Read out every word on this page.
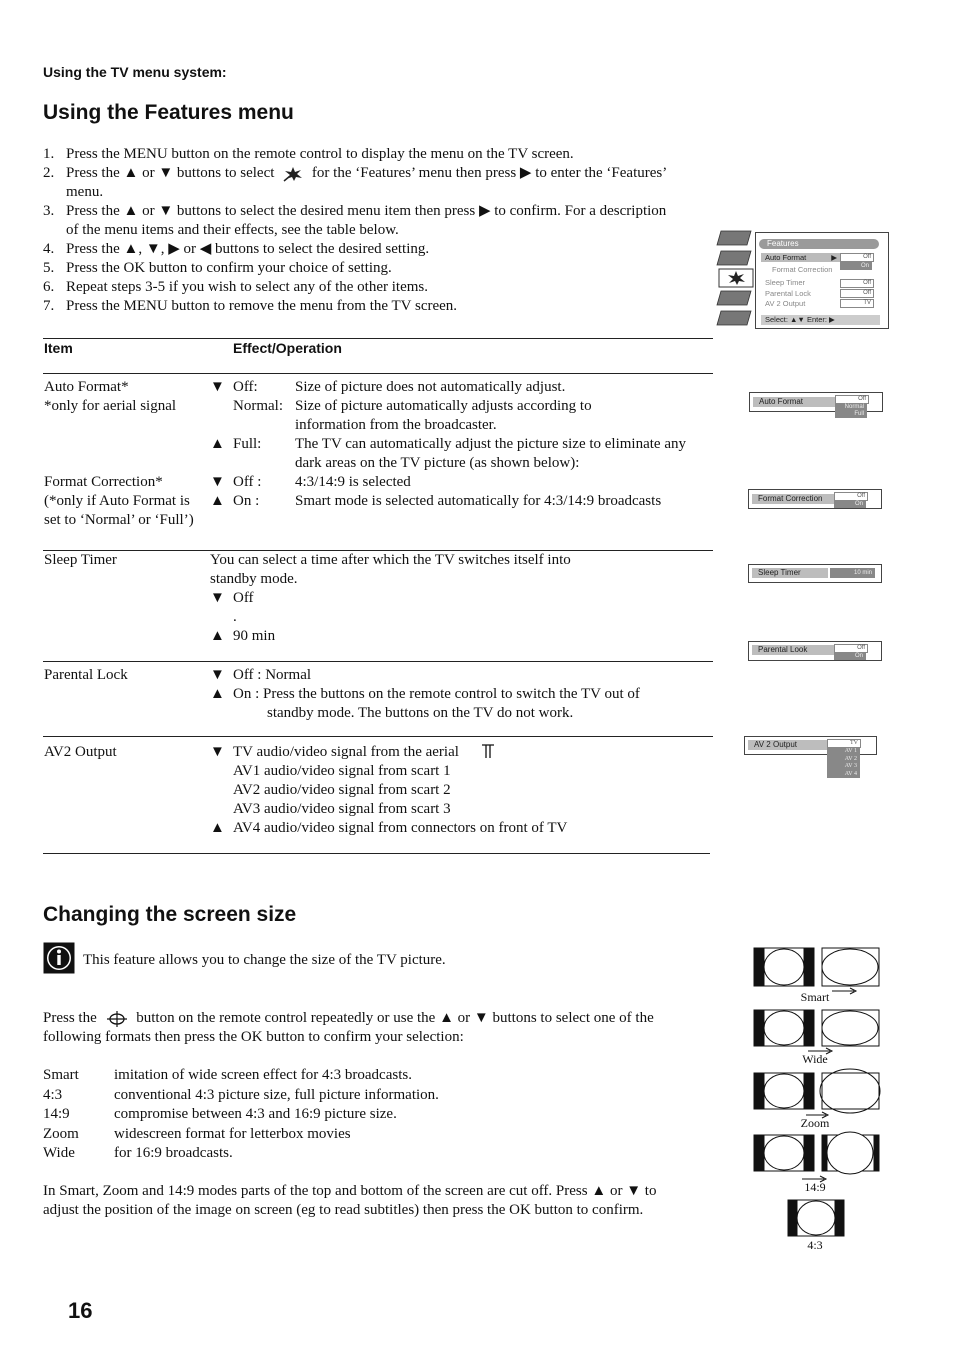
Using the TV menu system:
Using the Features menu
1. Press the MENU button on the remote control to display the menu on the TV screen.
2. Press the ▲ or ▼ buttons to select	for the ‘Features’ menu then press ▶ to enter the ‘Features’
menu.
3. Press the ▲ or ▼ buttons to select the desired menu item then press ▶ to confirm. For a description
of the menu items and their effects, see the table below.
4. Press the ▲, ▼, ▶ or ◀ buttons to select the desired setting.
5. Press the OK button to confirm your choice of setting.
6. Repeat steps 3-5 if you wish to select any of the other items.
7. Press the MENU button to remove the menu from the TV screen.
Features
Auto Format	▶
Format Correction
Sleep Timer
Parental Lock
AV 2 Output
Off
On
Off
Off
TV
Select: ▲▼ Enter: ▶
Item	Effect/Operation
Auto Format*
*only for aerial signal
▼ Off: Size of picture does not automatically adjust.
Normal: Size of picture automatically adjusts according to
information from the broadcaster.
▲ Full: The TV can automatically adjust the picture size to eliminate any
dark areas on the TV picture (as shown below):
Auto Format	Off
Normal
Full
Format Correction*
(*only if Auto Format is
set to ‘Normal’ or ‘Full’)
▼ Off : 4:3/14:9 is selected
▲ On : Smart mode is selected automatically for 4:3/14:9 broadcasts	Format Correction	Off
On
Sleep Timer	You can select a time after which the TV switches itself into
standby mode.
▼ Off
.
▲ 90 min
Sleep Timer	10 min
Parental Look	Off
On
Parental Lock	▼ Off : Normal
▲ On : Press the buttons on the remote control to switch the TV out of
standby mode. The buttons on the TV do not work.
AV2 Output	▼ TV audio/video signal from the aerial
AV1 audio/video signal from scart 1
AV2 audio/video signal from scart 2
AV3 audio/video signal from scart 3
▲ AV4 audio/video signal from connectors on front of TV
AV 2 Output	TV
AV 1
AV 2
AV 3
AV 4
Changing the screen size
This feature allows you to change the size of the TV picture.
Press the	button on the remote control repeatedly or use the ▲ or ▼ buttons to select one of the
following formats then press the OK button to confirm your selection:
Smart imitation of wide screen effect for 4:3 broadcasts.
4:3	conventional 4:3 picture size, full picture information.
14:9	compromise between 4:3 and 16:9 picture size.
Zoom widescreen format for letterbox movies
Wide	for 16:9 broadcasts.
In Smart, Zoom and 14:9 modes parts of the top and bottom of the screen are cut off. Press ▲ or ▼ to
adjust the position of the image on screen (eg to read subtitles) then press the OK button to confirm.
Smart
Wide
Zoom
14:9
4:3
16
